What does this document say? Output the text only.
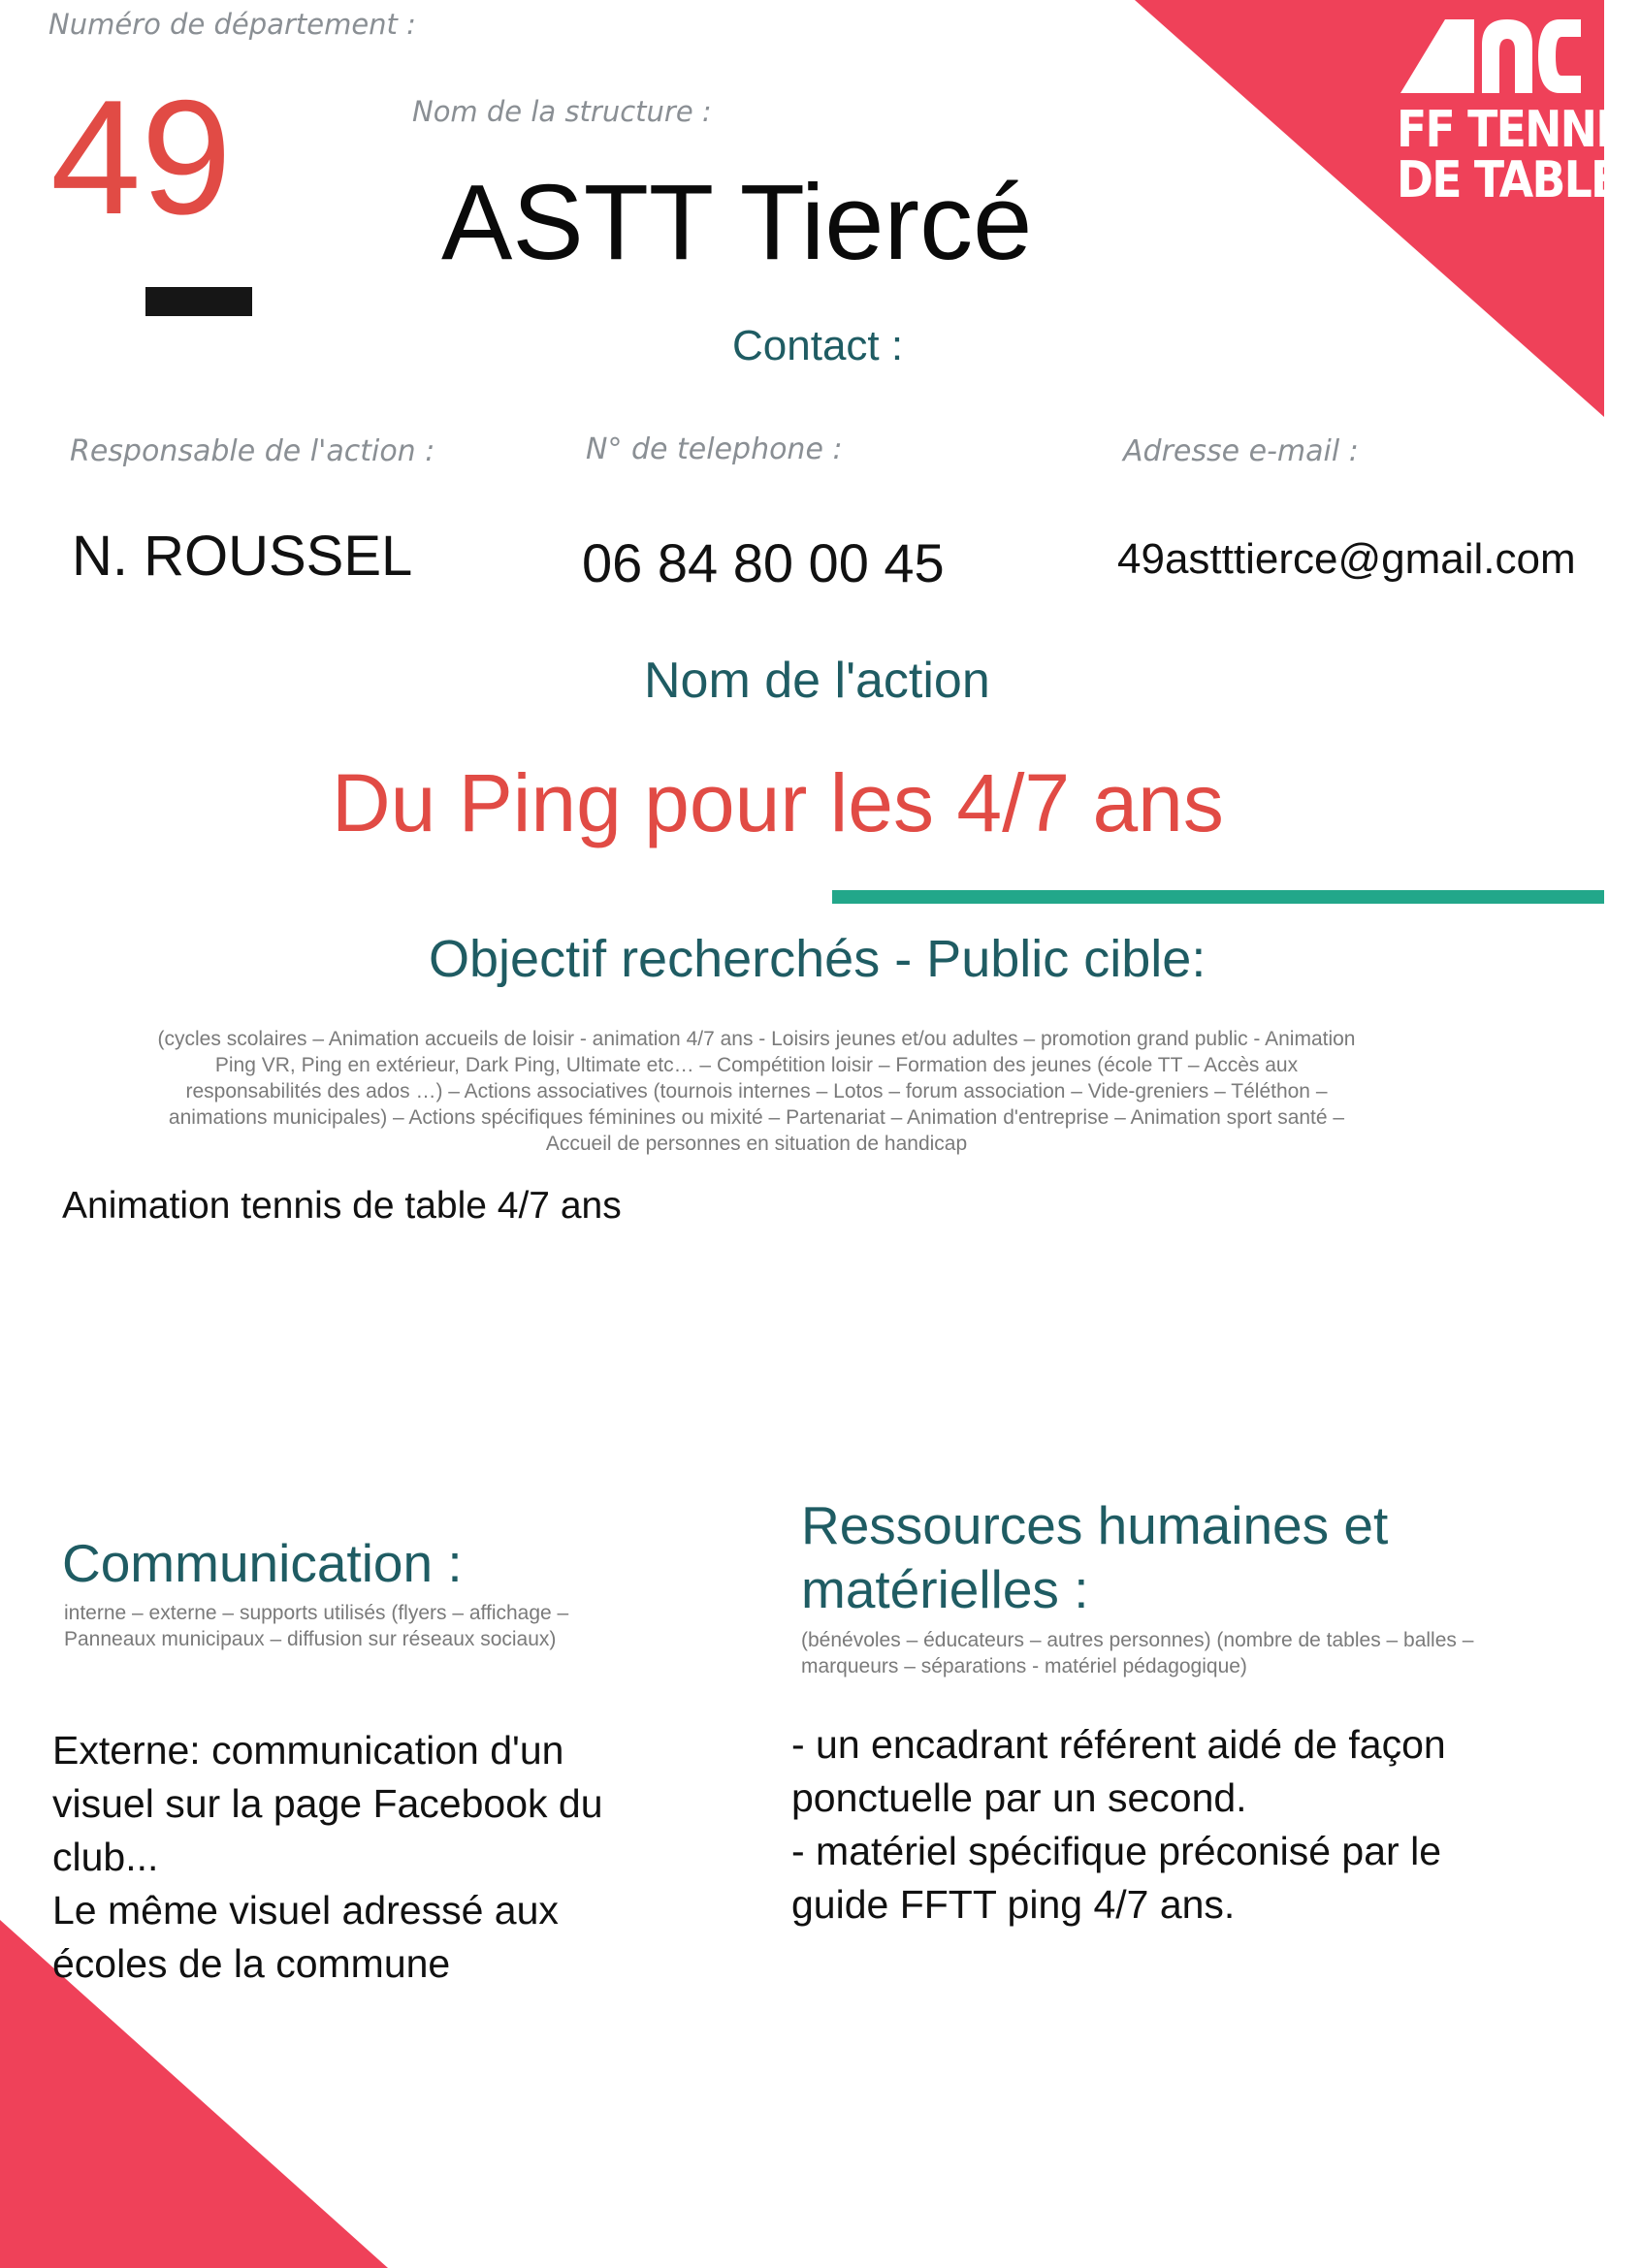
FF TENNIS
DE TABLE
Numéro de département :
49	Nom de la structure :
ASTT Tiercé
Contact :
Responsable de l'action :	N° de telephone :	Adresse e-mail :
N. ROUSSEL	06 84 80 00 45	49astttierce@gmail.com
Nom de l'action
Du Ping pour les 4/7 ans
Objectif recherchés - Public cible:
(cycles scolaires – Animation accueils de loisir - animation 4/7 ans - Loisirs jeunes et/ou adultes – promotion grand public - Animation Ping VR, Ping en extérieur, Dark Ping, Ultimate etc… – Compétition loisir – Formation des jeunes (école TT – Accès aux responsabilités des ados …) – Actions associatives (tournois internes – Lotos – forum association – Vide-greniers – Téléthon – animations municipales) – Actions spécifiques féminines ou mixité – Partenariat – Animation d'entreprise – Animation sport santé – Accueil de personnes en situation de handicap
Animation tennis de table 4/7 ans
Communication :
interne – externe – supports utilisés (flyers – affichage – Panneaux municipaux – diffusion sur réseaux sociaux)
Externe: communication d'un
visuel sur la page Facebook du
club...
Le même visuel adressé aux
écoles de la commune
Ressources humaines et matérielles :
(bénévoles – éducateurs – autres personnes) (nombre de tables – balles – marqueurs – séparations - matériel pédagogique)
- un encadrant référent aidé de façon
ponctuelle par un second.
- matériel spécifique préconisé par le
guide FFTT ping 4/7 ans.
